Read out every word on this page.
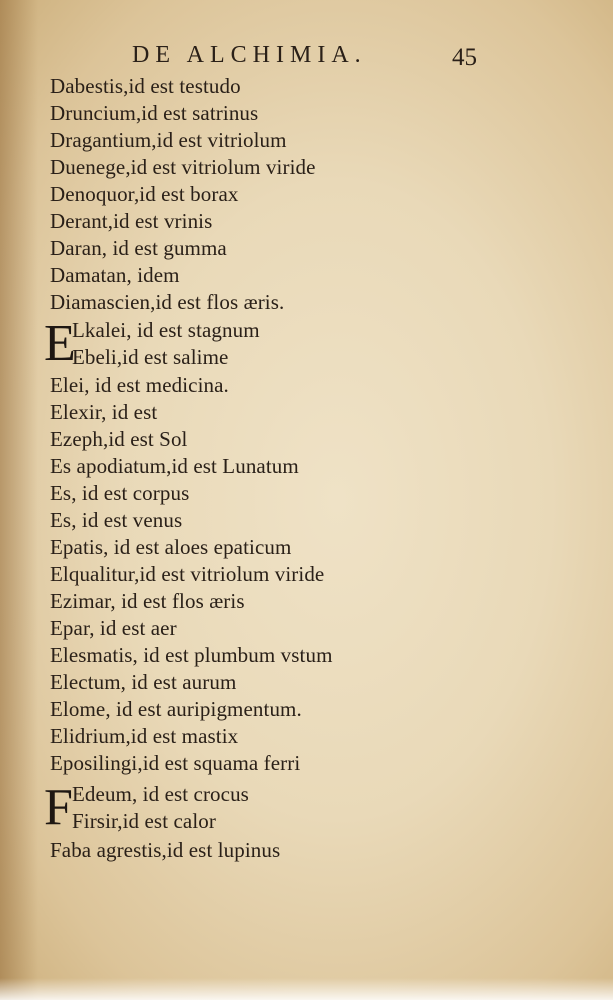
DE ALCHIMIA.	45
Dabestis,id est testudo
Druncium,id est satrinus
Dragantium,id est vitriolum
Duenege,id est vitriolum viride
Denoquor,id est borax
Derant,id est vrinis
Daran, id est gumma
Damatan, idem
Diamascien,id est flos æris.
E
Lkalei, id est stagnum
Ebeli,id est salime
Elei, id est medicina.
Elexir, id est
Ezeph,id est Sol
Es apodiatum,id est Lunatum
Es, id est corpus
Es, id est venus
Epatis, id est aloes epaticum
Elqualitur,id est vitriolum viride
Ezimar, id est flos æris
Epar, id est aer
Elesmatis, id est plumbum vstum
Electum, id est aurum
Elome, id est auripigmentum.
Elidrium,id est mastix
Eposilingi,id est squama ferri
F Edeum, id est crocus
Firsir,id est calor
Faba agrestis,id est lupinus
